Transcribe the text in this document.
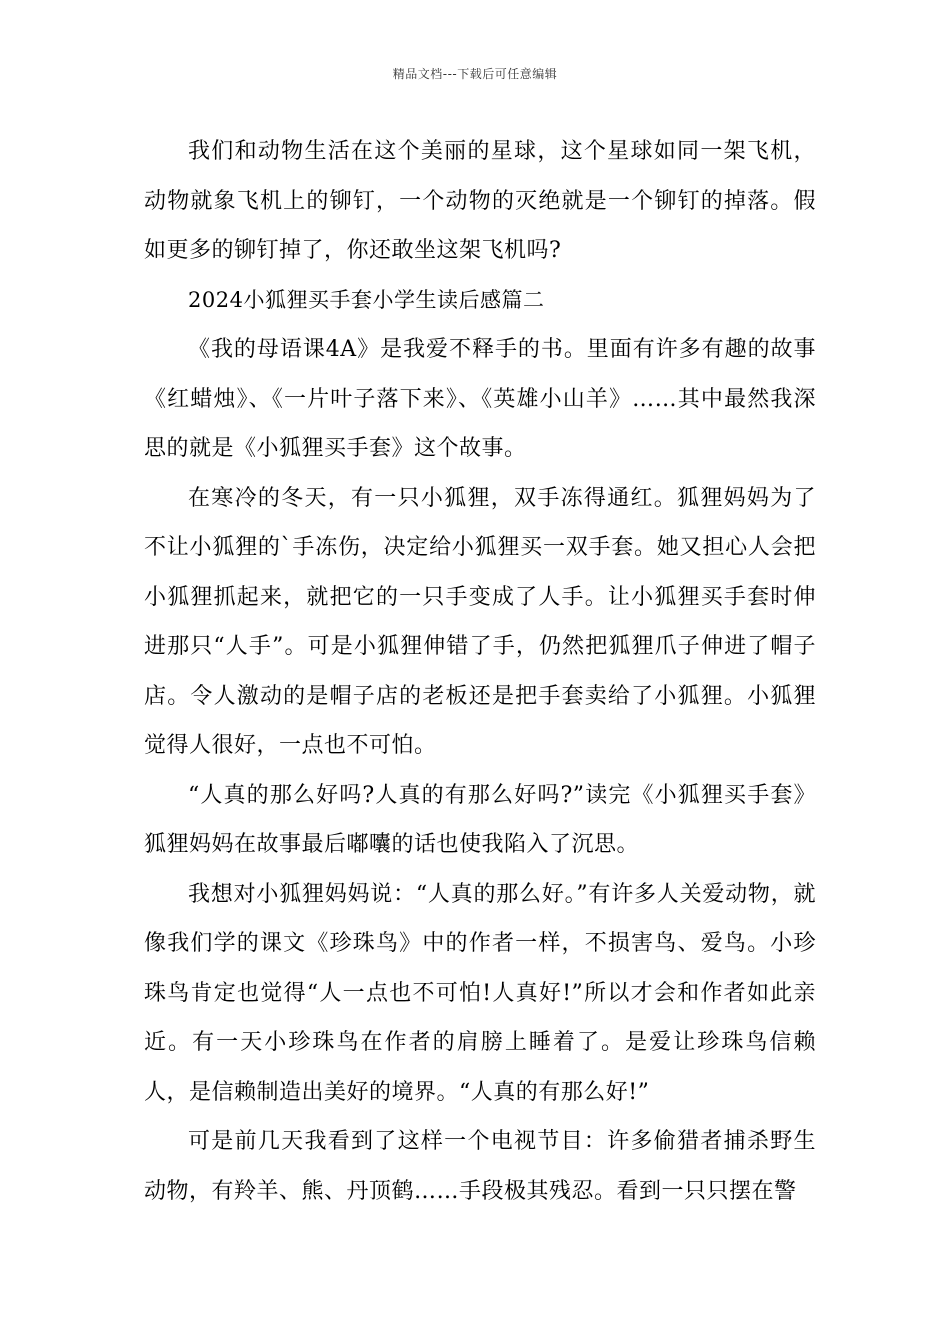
精品文档---下载后可任意编辑

我们和动物生活在这个美丽的星球，这个星球如同一架飞机，动物就象飞机上的铆钉，一个动物的灭绝就是一个铆钉的掉落。假如更多的铆钉掉了，你还敢坐这架飞机吗?

2024小狐狸买手套小学生读后感篇二

《我的母语课4A》是我爱不释手的书。里面有许多有趣的故事《红蜡烛》、《一片叶子落下来》、《英雄小山羊》……其中最然我深思的就是《小狐狸买手套》这个故事。

在寒冷的冬天，有一只小狐狸，双手冻得通红。狐狸妈妈为了不让小狐狸的`手冻伤，决定给小狐狸买一双手套。她又担心人会把小狐狸抓起来，就把它的一只手变成了人手。让小狐狸买手套时伸进那只“人手”。可是小狐狸伸错了手，仍然把狐狸爪子伸进了帽子店。令人激动的是帽子店的老板还是把手套卖给了小狐狸。小狐狸觉得人很好，一点也不可怕。

“人真的那么好吗?人真的有那么好吗?”读完《小狐狸买手套》狐狸妈妈在故事最后嘟囔的话也使我陷入了沉思。

我想对小狐狸妈妈说：“人真的那么好。”有许多人关爱动物，就像我们学的课文《珍珠鸟》中的作者一样，不损害鸟、爱鸟。小珍珠鸟肯定也觉得“人一点也不可怕!人真好!”所以才会和作者如此亲近。有一天小珍珠鸟在作者的肩膀上睡着了。是爱让珍珠鸟信赖人，是信赖制造出美好的境界。“人真的有那么好!”

可是前几天我看到了这样一个电视节目：许多偷猎者捕杀野生动物，有羚羊、熊、丹顶鹤……手段极其残忍。看到一只只摆在警
